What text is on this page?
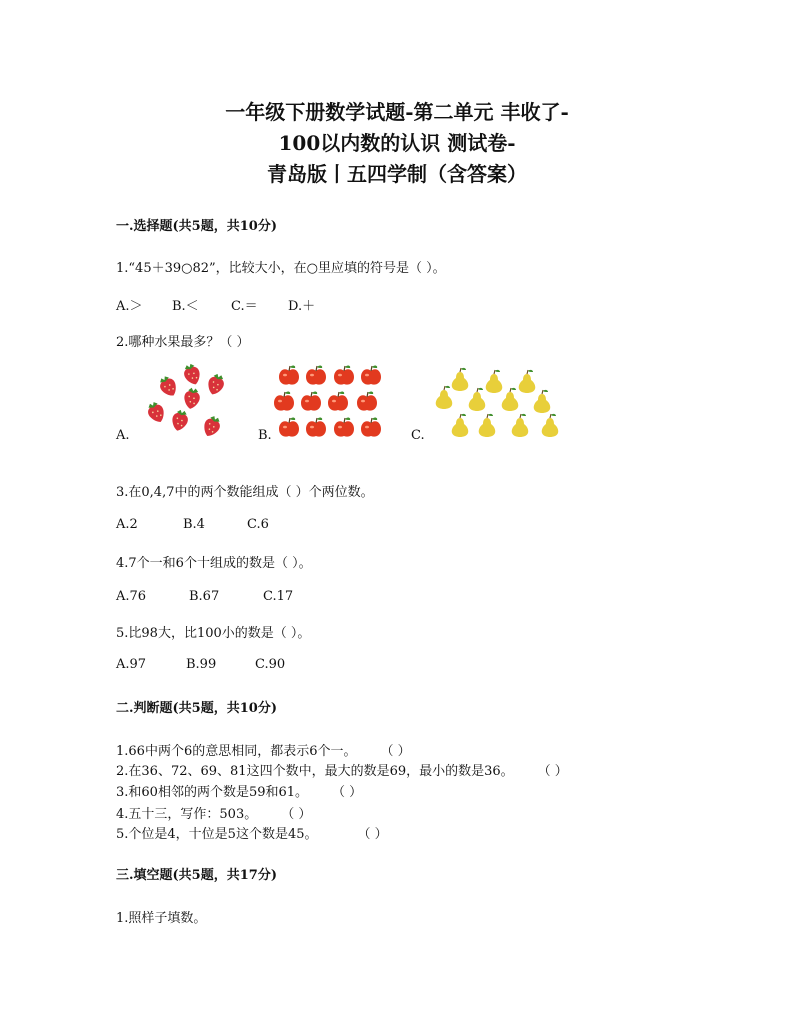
一年级下册数学试题-第二单元 丰收了-
100以内数的认识 测试卷-
青岛版丨五四学制（含答案）
一.选择题(共5题，共10分)
1.“45＋39○82”，比较大小，在○里应填的符号是（ ）。
A.＞ B.＜ C.＝ D.＋
2.哪种水果最多？（ ）
A.	B.	C.
3.在0,4,7中的两个数能组成（ ）个两位数。
A.2	B.4	C.6
4.7个一和6个十组成的数是（ ）。
A.76	B.67	C.17
5.比98大，比100小的数是（ ）。
A.97	B.99	C.90
二.判断题(共5题，共10分)
1.66中两个6的意思相同，都表示6个一。 （ ）
2.在36、72、69、81这四个数中，最大的数是69，最小的数是36。 （ ）
3.和60相邻的两个数是59和61。 （ ）
4.五十三，写作：503。 （ ）
5.个位是4，十位是5这个数是45。	（ ）
三.填空题(共5题，共17分)
1.照样子填数。
